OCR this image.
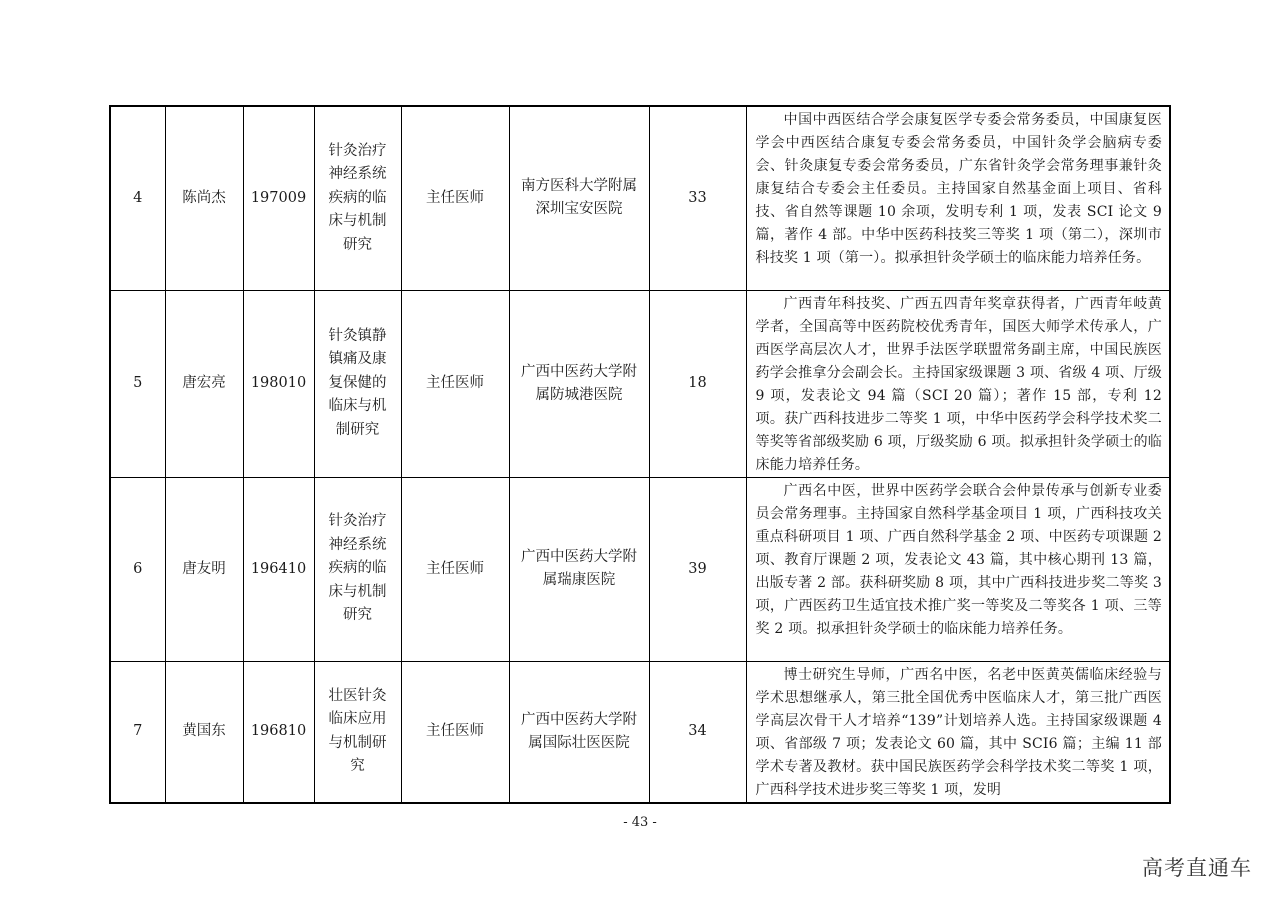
4	陈尚杰	197009	针灸治疗神经系统疾病的临床与机制研究	主任医师	南方医科大学附属深圳宝安医院	33	中国中西医结合学会康复医学专委会常务委员，中国康复医学会中西医结合康复专委会常务委员，中国针灸学会脑病专委会、针灸康复专委会常务委员，广东省针灸学会常务理事兼针灸康复结合专委会主任委员。主持国家自然基金面上项目、省科技、省自然等课题 10 余项，发明专利 1 项，发表 SCI 论文 9 篇，著作 4 部。中华中医药科技奖三等奖 1 项（第二），深圳市科技奖 1 项（第一）。拟承担针灸学硕士的临床能力培养任务。

5	唐宏亮	198010	针灸镇静镇痛及康复保健的临床与机制研究	主任医师	广西中医药大学附属防城港医院	18	广西青年科技奖、广西五四青年奖章获得者，广西青年岐黄学者，全国高等中医药院校优秀青年，国医大师学术传承人，广西医学高层次人才，世界手法医学联盟常务副主席，中国民族医药学会推拿分会副会长。主持国家级课题 3 项、省级 4 项、厅级 9 项，发表论文 94 篇（SCI 20 篇）；著作 15 部，专利 12 项。获广西科技进步二等奖 1 项，中华中医药学会科学技术奖二等奖等省部级奖励 6 项，厅级奖励 6 项。拟承担针灸学硕士的临床能力培养任务。

6	唐友明	196410	针灸治疗神经系统疾病的临床与机制研究	主任医师	广西中医药大学附属瑞康医院	39	广西名中医，世界中医药学会联合会仲景传承与创新专业委员会常务理事。主持国家自然科学基金项目 1 项，广西科技攻关重点科研项目 1 项、广西自然科学基金 2 项、中医药专项课题 2 项、教育厅课题 2 项，发表论文 43 篇，其中核心期刊 13 篇，出版专著 2 部。获科研奖励 8 项，其中广西科技进步奖二等奖 3 项，广西医药卫生适宜技术推广奖一等奖及二等奖各 1 项、三等奖 2 项。拟承担针灸学硕士的临床能力培养任务。

7	黄国东	196810	壮医针灸临床应用与机制研究	主任医师	广西中医药大学附属国际壮医医院	34	博士研究生导师，广西名中医，名老中医黄英儒临床经验与学术思想继承人，第三批全国优秀中医临床人才，第三批广西医学高层次骨干人才培养“139”计划培养人选。主持国家级课题 4 项、省部级 7 项；发表论文 60 篇，其中 SCI6 篇；主编 11 部学术专著及教材。获中国民族医药学会科学技术奖二等奖 1 项，广西科学技术进步奖三等奖 1 项，发明

- 43 -
高考直通车
